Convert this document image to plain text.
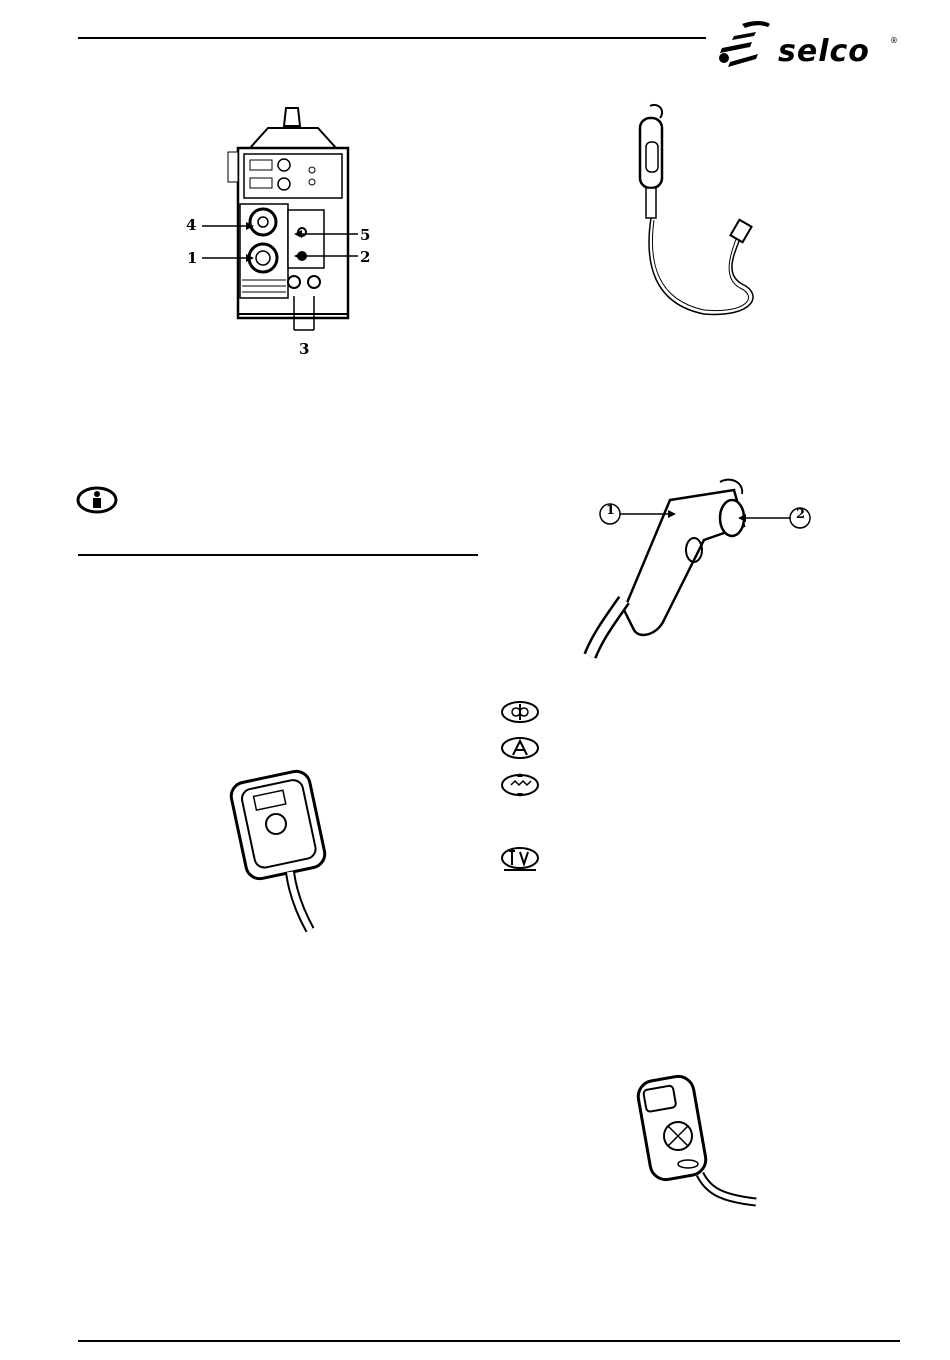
selco	®
4
1
5
2
3
1	2
